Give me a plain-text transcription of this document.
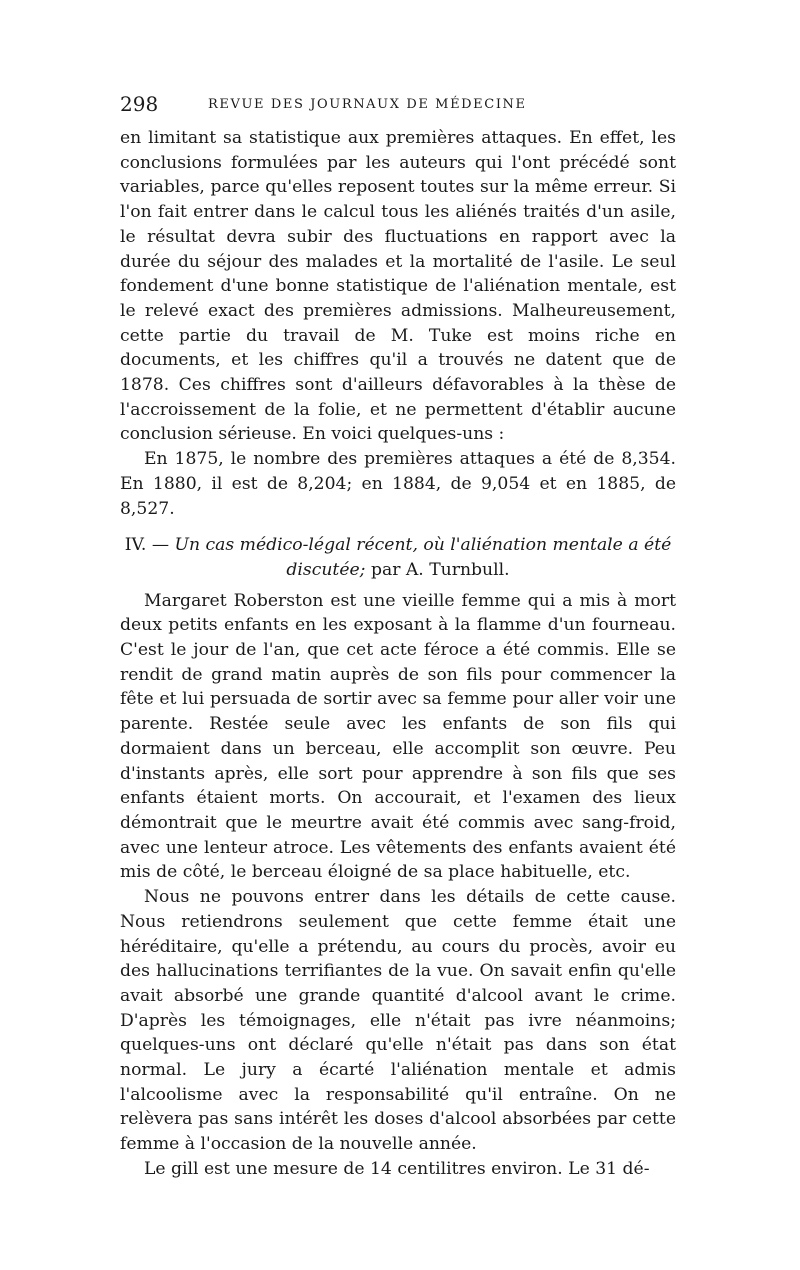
298	REVUE DES JOURNAUX DE MÉDECINE

en limitant sa statistique aux premières attaques. En effet, les conclusions formulées par les auteurs qui l'ont précédé sont variables, parce qu'elles reposent toutes sur la même erreur. Si l'on fait entrer dans le calcul tous les aliénés traités d'un asile, le résultat devra subir des fluctuations en rapport avec la durée du séjour des malades et la mortalité de l'asile. Le seul fondement d'une bonne statistique de l'aliénation mentale, est le relevé exact des premières admissions. Malheureusement, cette partie du travail de M. Tuke est moins riche en documents, et les chiffres qu'il a trouvés ne datent que de 1878. Ces chiffres sont d'ailleurs défavorables à la thèse de l'accroissement de la folie, et ne permettent d'établir aucune conclusion sérieuse. En voici quelques-uns :

En 1875, le nombre des premières attaques a été de 8,354. En 1880, il est de 8,204; en 1884, de 9,054 et en 1885, de 8,527.

IV. — Un cas médico-légal récent, où l'aliénation mentale a été discutée; par A. Turnbull.

Margaret Roberston est une vieille femme qui a mis à mort deux petits enfants en les exposant à la flamme d'un fourneau. C'est le jour de l'an, que cet acte féroce a été commis. Elle se rendit de grand matin auprès de son fils pour commencer la fête et lui persuada de sortir avec sa femme pour aller voir une parente. Restée seule avec les enfants de son fils qui dormaient dans un berceau, elle accomplit son œuvre. Peu d'instants après, elle sort pour apprendre à son fils que ses enfants étaient morts. On accourait, et l'examen des lieux démontrait que le meurtre avait été commis avec sang-froid, avec une lenteur atroce. Les vêtements des enfants avaient été mis de côté, le berceau éloigné de sa place habituelle, etc.

Nous ne pouvons entrer dans les détails de cette cause. Nous retiendrons seulement que cette femme était une héréditaire, qu'elle a prétendu, au cours du procès, avoir eu des hallucinations terrifiantes de la vue. On savait enfin qu'elle avait absorbé une grande quantité d'alcool avant le crime. D'après les témoignages, elle n'était pas ivre néanmoins; quelques-uns ont déclaré qu'elle n'était pas dans son état normal. Le jury a écarté l'aliénation mentale et admis l'alcoolisme avec la responsabilité qu'il entraîne. On ne relèvera pas sans intérêt les doses d'alcool absorbées par cette femme à l'occasion de la nouvelle année.

Le gill est une mesure de 14 centilitres environ. Le 31 dé-
